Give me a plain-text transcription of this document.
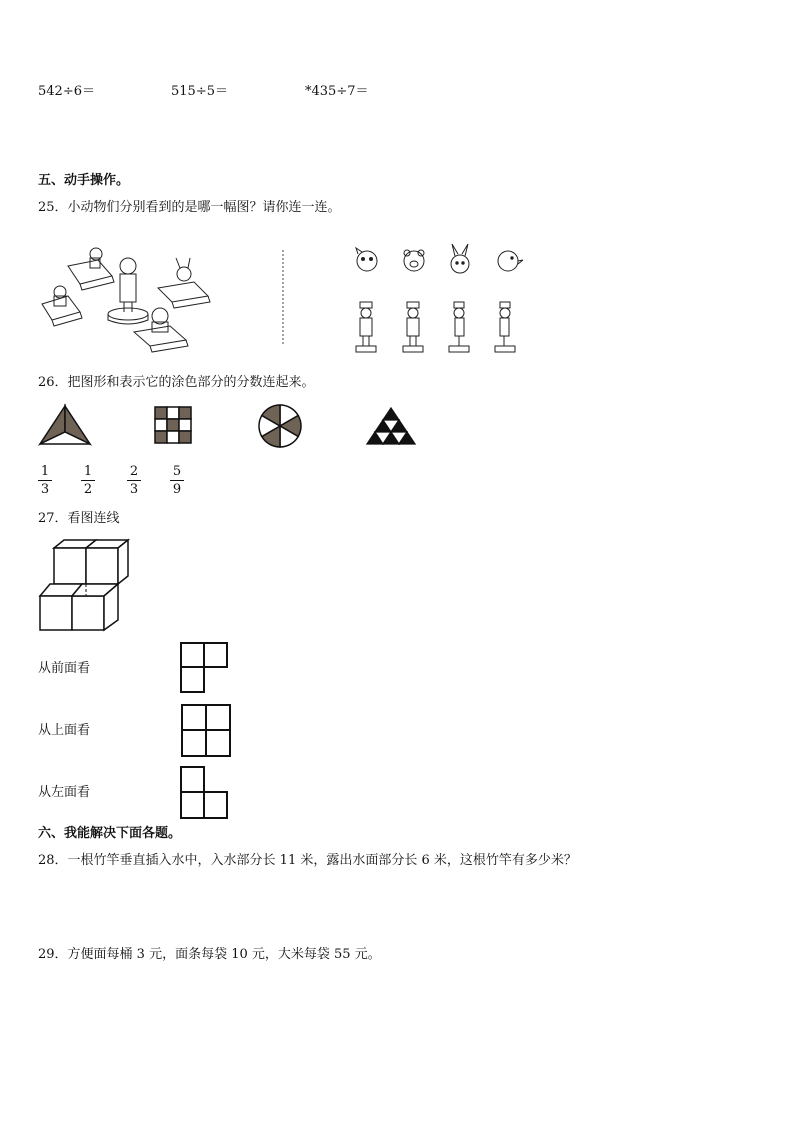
542÷6＝	515÷5＝	*435÷7＝
五、动手操作。
25．小动物们分别看到的是哪一幅图？请你连一连。
26．把图形和表示它的涂色部分的分数连起来。
1
3
1
2
2
3
5
9
27．看图连线
从前面看
从上面看
从左面看
六、我能解决下面各题。
28．一根竹竿垂直插入水中，入水部分长 11 米，露出水面部分长 6 米，这根竹竿有多少米？
29．方便面每桶 3 元，面条每袋 10 元，大米每袋 55 元。
